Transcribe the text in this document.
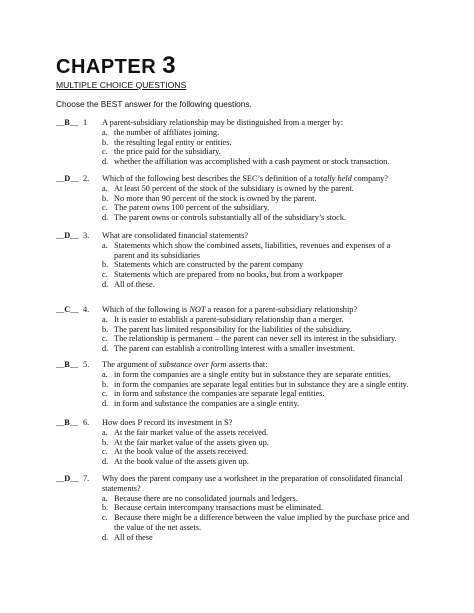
CHAPTER 3
MULTIPLE CHOICE QUESTIONS
Choose the BEST answer for the following questions.
__B__ 1 A parent-subsidiary relationship may be distinguished from a merger by:
a. the number of affiliates joining.
b. the resulting legal entity or entities.
c. the price paid for the subsidiary.
d. whether the affiliation was accomplished with a cash payment or stock transaction.
__D__ 2. Which of the following best describes the SEC’s definition of a totally held company?
a. At least 50 percent of the stock of the subsidiary is owned by the parent.
b. No more than 90 percent of the stock is owned by the parent.
c. The parent owns 100 percent of the subsidiary.
d. The parent owns or controls substantially all of the subsidiary’s stock.
__D__ 3. What are consolidated financial statements?
a. Statements which show the combined assets, liabilities, revenues and expenses of a
parent and its subsidiaries
b. Statements which are constructed by the parent company
c. Statements which are prepared from no books, but from a workpaper
d. All of these.
__C__ 4. Which of the following is NOT a reason for a parent-subsidiary relationship?
a. It is easier to establish a parent-subsidiary relationship than a merger.
b. The parent has limited responsibility for the liabilities of the subsidiary.
c. The relationship is permanent – the parent can never sell its interest in the subsidiary.
d. The parent can establish a controlling interest with a smaller investment.
__B__ 5. The argument of substance over form asserts that:
a. in form the companies are a single entity but in substance they are separate entities.
b. in form the companies are separate legal entities but in substance they are a single entity.
c. in form and substance the companies are separate legal entities.
d. in form and substance the companies are a single entity.
__B__ 6. How does P record its investment in S?
a. At the fair market value of the assets received.
b. At the fair market value of the assets given up.
c. At the book value of the assets received.
d. At the book value of the assets given up.
__D__ 7. Why does the parent company use a worksheet in the preparation of consolidated financial
statements?
a. Because there are no consolidated journals and ledgers.
b. Because certain intercompany transactions must be eliminated.
c. Because there might be a difference between the value implied by the purchase price and
the value of the net assets.
d. All of these
